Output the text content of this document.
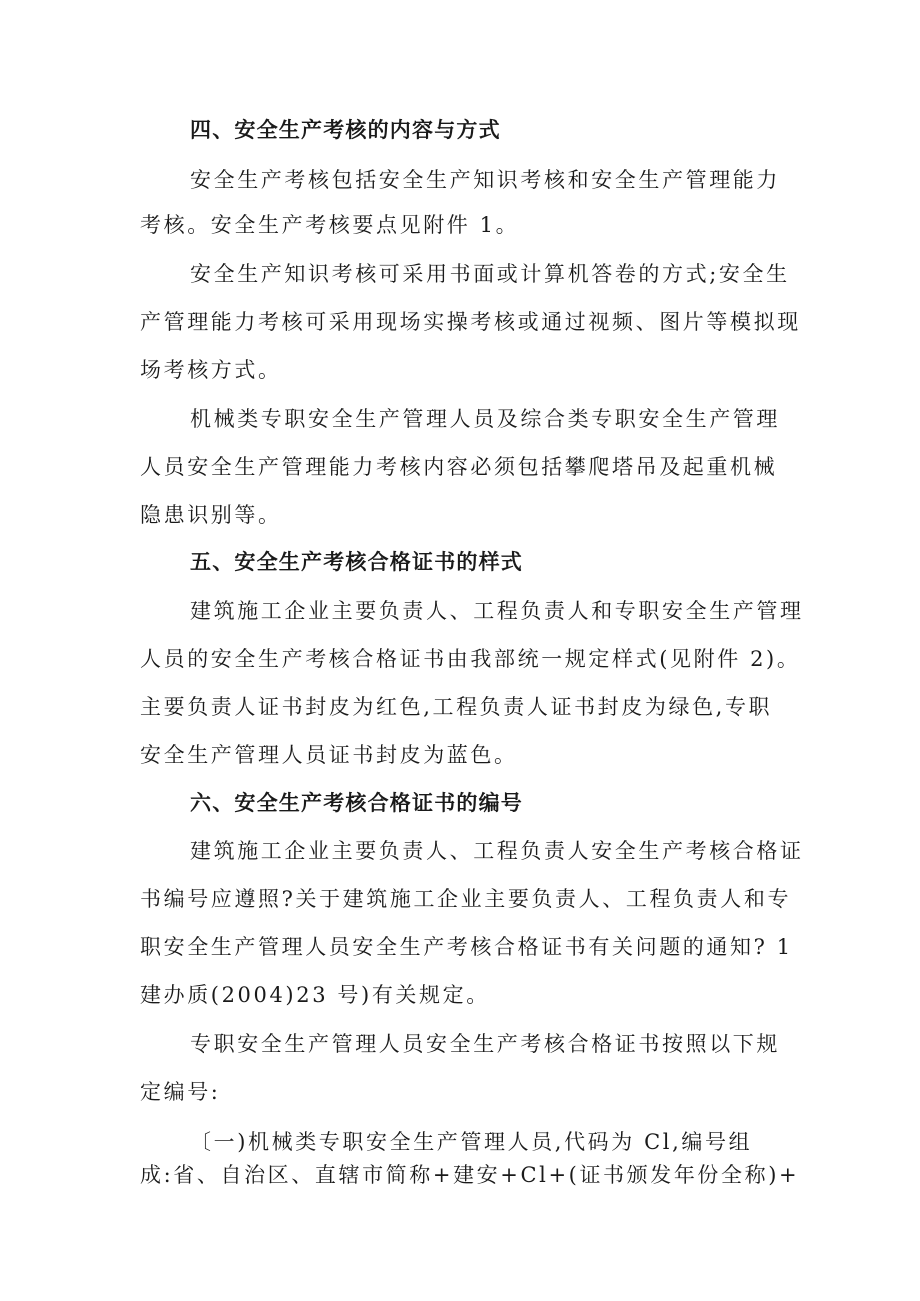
四、安全生产考核的内容与方式
安全生产考核包括安全生产知识考核和安全生产管理能力
考核。安全生产考核要点见附件 1。
安全生产知识考核可采用书面或计算机答卷的方式;安全生
产管理能力考核可采用现场实操考核或通过视频、图片等模拟现
场考核方式。
机械类专职安全生产管理人员及综合类专职安全生产管理
人员安全生产管理能力考核内容必须包括攀爬塔吊及起重机械
隐患识别等。
五、安全生产考核合格证书的样式
建筑施工企业主要负责人、工程负责人和专职安全生产管理
人员的安全生产考核合格证书由我部统一规定样式(见附件 2)。
主要负责人证书封皮为红色,工程负责人证书封皮为绿色,专职
安全生产管理人员证书封皮为蓝色。
六、安全生产考核合格证书的编号
建筑施工企业主要负责人、工程负责人安全生产考核合格证
书编号应遵照?关于建筑施工企业主要负责人、工程负责人和专
职安全生产管理人员安全生产考核合格证书有关问题的通知? 1
建办质(2004)23 号)有关规定。
专职安全生产管理人员安全生产考核合格证书按照以下规
定编号:
〔一)机械类专职安全生产管理人员,代码为 Cl,编号组
成:省、自治区、直辖市简称+建安+Cl+(证书颁发年份全称)+
